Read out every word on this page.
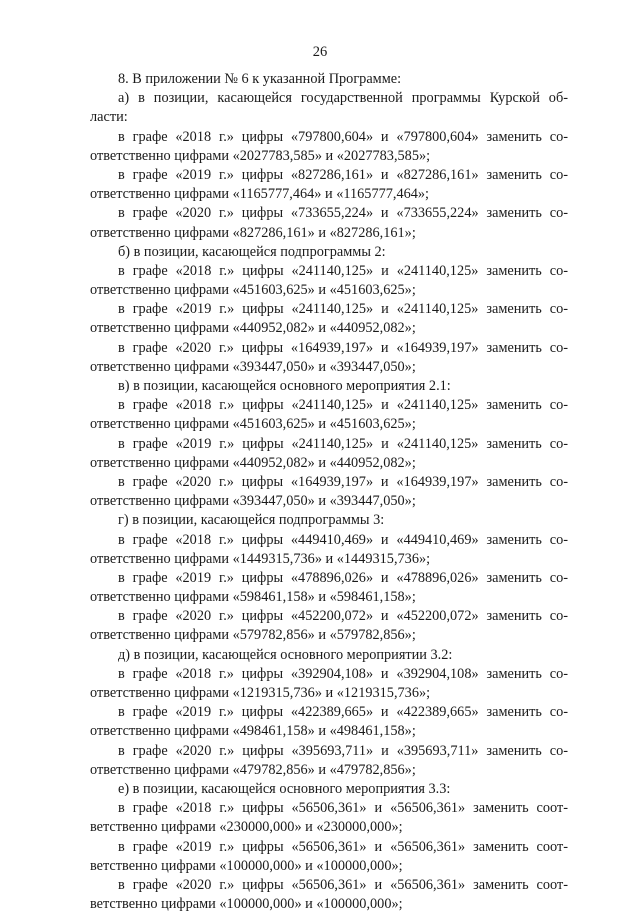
26
8. В приложении № 6 к указанной Программе:
а) в позиции, касающейся государственной программы Курской об-
ласти:
в графе «2018 г.» цифры «797800,604» и «797800,604» заменить со-
ответственно цифрами «2027783,585» и «2027783,585»;
в графе «2019 г.» цифры «827286,161» и «827286,161» заменить со-
ответственно цифрами «1165777,464» и «1165777,464»;
в графе «2020 г.» цифры «733655,224» и «733655,224» заменить со-
ответственно цифрами «827286,161» и «827286,161»;
б) в позиции, касающейся подпрограммы 2:
в графе «2018 г.» цифры «241140,125» и «241140,125» заменить со-
ответственно цифрами «451603,625» и «451603,625»;
в графе «2019 г.» цифры «241140,125» и «241140,125» заменить со-
ответственно цифрами «440952,082» и «440952,082»;
в графе «2020 г.» цифры «164939,197» и «164939,197» заменить со-
ответственно цифрами «393447,050» и «393447,050»;
в) в позиции, касающейся основного мероприятия 2.1:
в графе «2018 г.» цифры «241140,125» и «241140,125» заменить со-
ответственно цифрами «451603,625» и «451603,625»;
в графе «2019 г.» цифры «241140,125» и «241140,125» заменить со-
ответственно цифрами «440952,082» и «440952,082»;
в графе «2020 г.» цифры «164939,197» и «164939,197» заменить со-
ответственно цифрами «393447,050» и «393447,050»;
г) в позиции, касающейся подпрограммы 3:
в графе «2018 г.» цифры «449410,469» и «449410,469» заменить со-
ответственно цифрами «1449315,736» и «1449315,736»;
в графе «2019 г.» цифры «478896,026» и «478896,026» заменить со-
ответственно цифрами «598461,158» и «598461,158»;
в графе «2020 г.» цифры «452200,072» и «452200,072» заменить со-
ответственно цифрами «579782,856» и «579782,856»;
д) в позиции, касающейся основного мероприятии 3.2:
в графе «2018 г.» цифры «392904,108» и «392904,108» заменить со-
ответственно цифрами «1219315,736» и «1219315,736»;
в графе «2019 г.» цифры «422389,665» и «422389,665» заменить со-
ответственно цифрами «498461,158» и «498461,158»;
в графе «2020 г.» цифры «395693,711» и «395693,711» заменить со-
ответственно цифрами «479782,856» и «479782,856»;
е) в позиции, касающейся основного мероприятия 3.3:
в графе «2018 г.» цифры «56506,361» и «56506,361» заменить соот-
ветственно цифрами «230000,000» и «230000,000»;
в графе «2019 г.» цифры «56506,361» и «56506,361» заменить соот-
ветственно цифрами «100000,000» и «100000,000»;
в графе «2020 г.» цифры «56506,361» и «56506,361» заменить соот-
ветственно цифрами «100000,000» и «100000,000»;
